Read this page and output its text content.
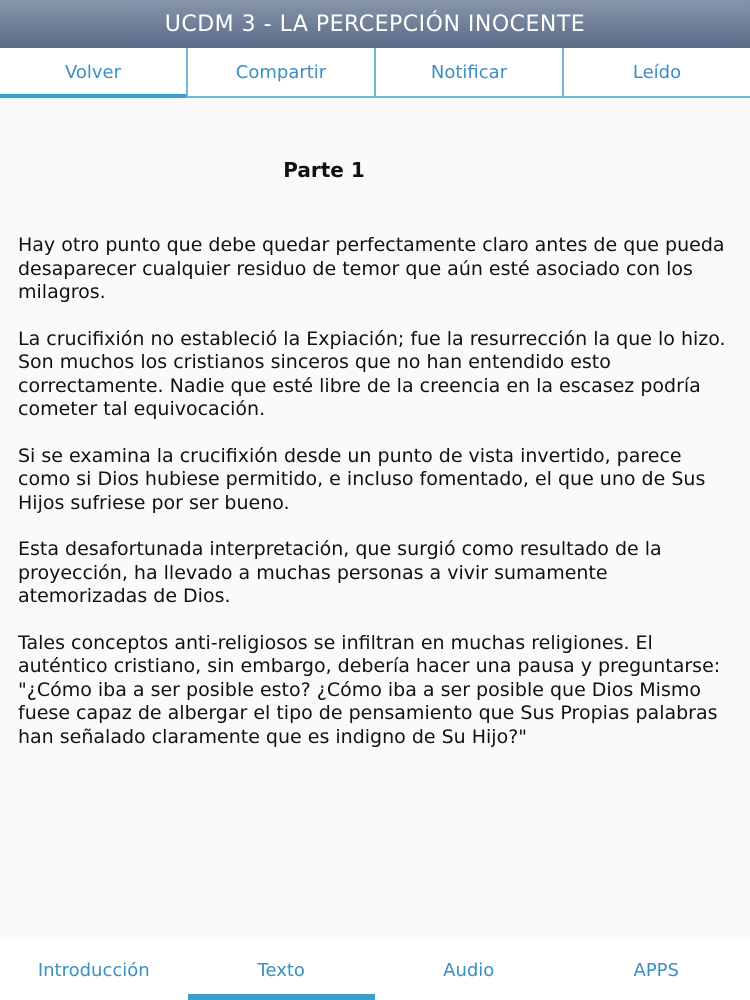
UCDM 3 - LA PERCEPCIÓN INOCENTE
Volver	Compartir	Notificar	Leído
Parte 1

Hay otro punto que debe quedar perfectamente claro antes de que pueda desaparecer cualquier residuo de temor que aún esté asociado con los milagros.

La crucifixión no estableció la Expiación; fue la resurrección la que lo hizo. Son muchos los cristianos sinceros que no han entendido esto correctamente. Nadie que esté libre de la creencia en la escasez podría cometer tal equivocación.

Si se examina la crucifixión desde un punto de vista invertido, parece como si Dios hubiese permitido, e incluso fomentado, el que uno de Sus Hijos sufriese por ser bueno.

Esta desafortunada interpretación, que surgió como resultado de la proyección, ha llevado a muchas personas a vivir sumamente atemorizadas de Dios.

Tales conceptos anti-religiosos se infiltran en muchas religiones. El auténtico cristiano, sin embargo, debería hacer una pausa y preguntarse: "¿Cómo iba a ser posible esto? ¿Cómo iba a ser posible que Dios Mismo fuese capaz de albergar el tipo de pensamiento que Sus Propias palabras han señalado claramente que es indigno de Su Hijo?"

Introducción	Texto	Audio	APPS
